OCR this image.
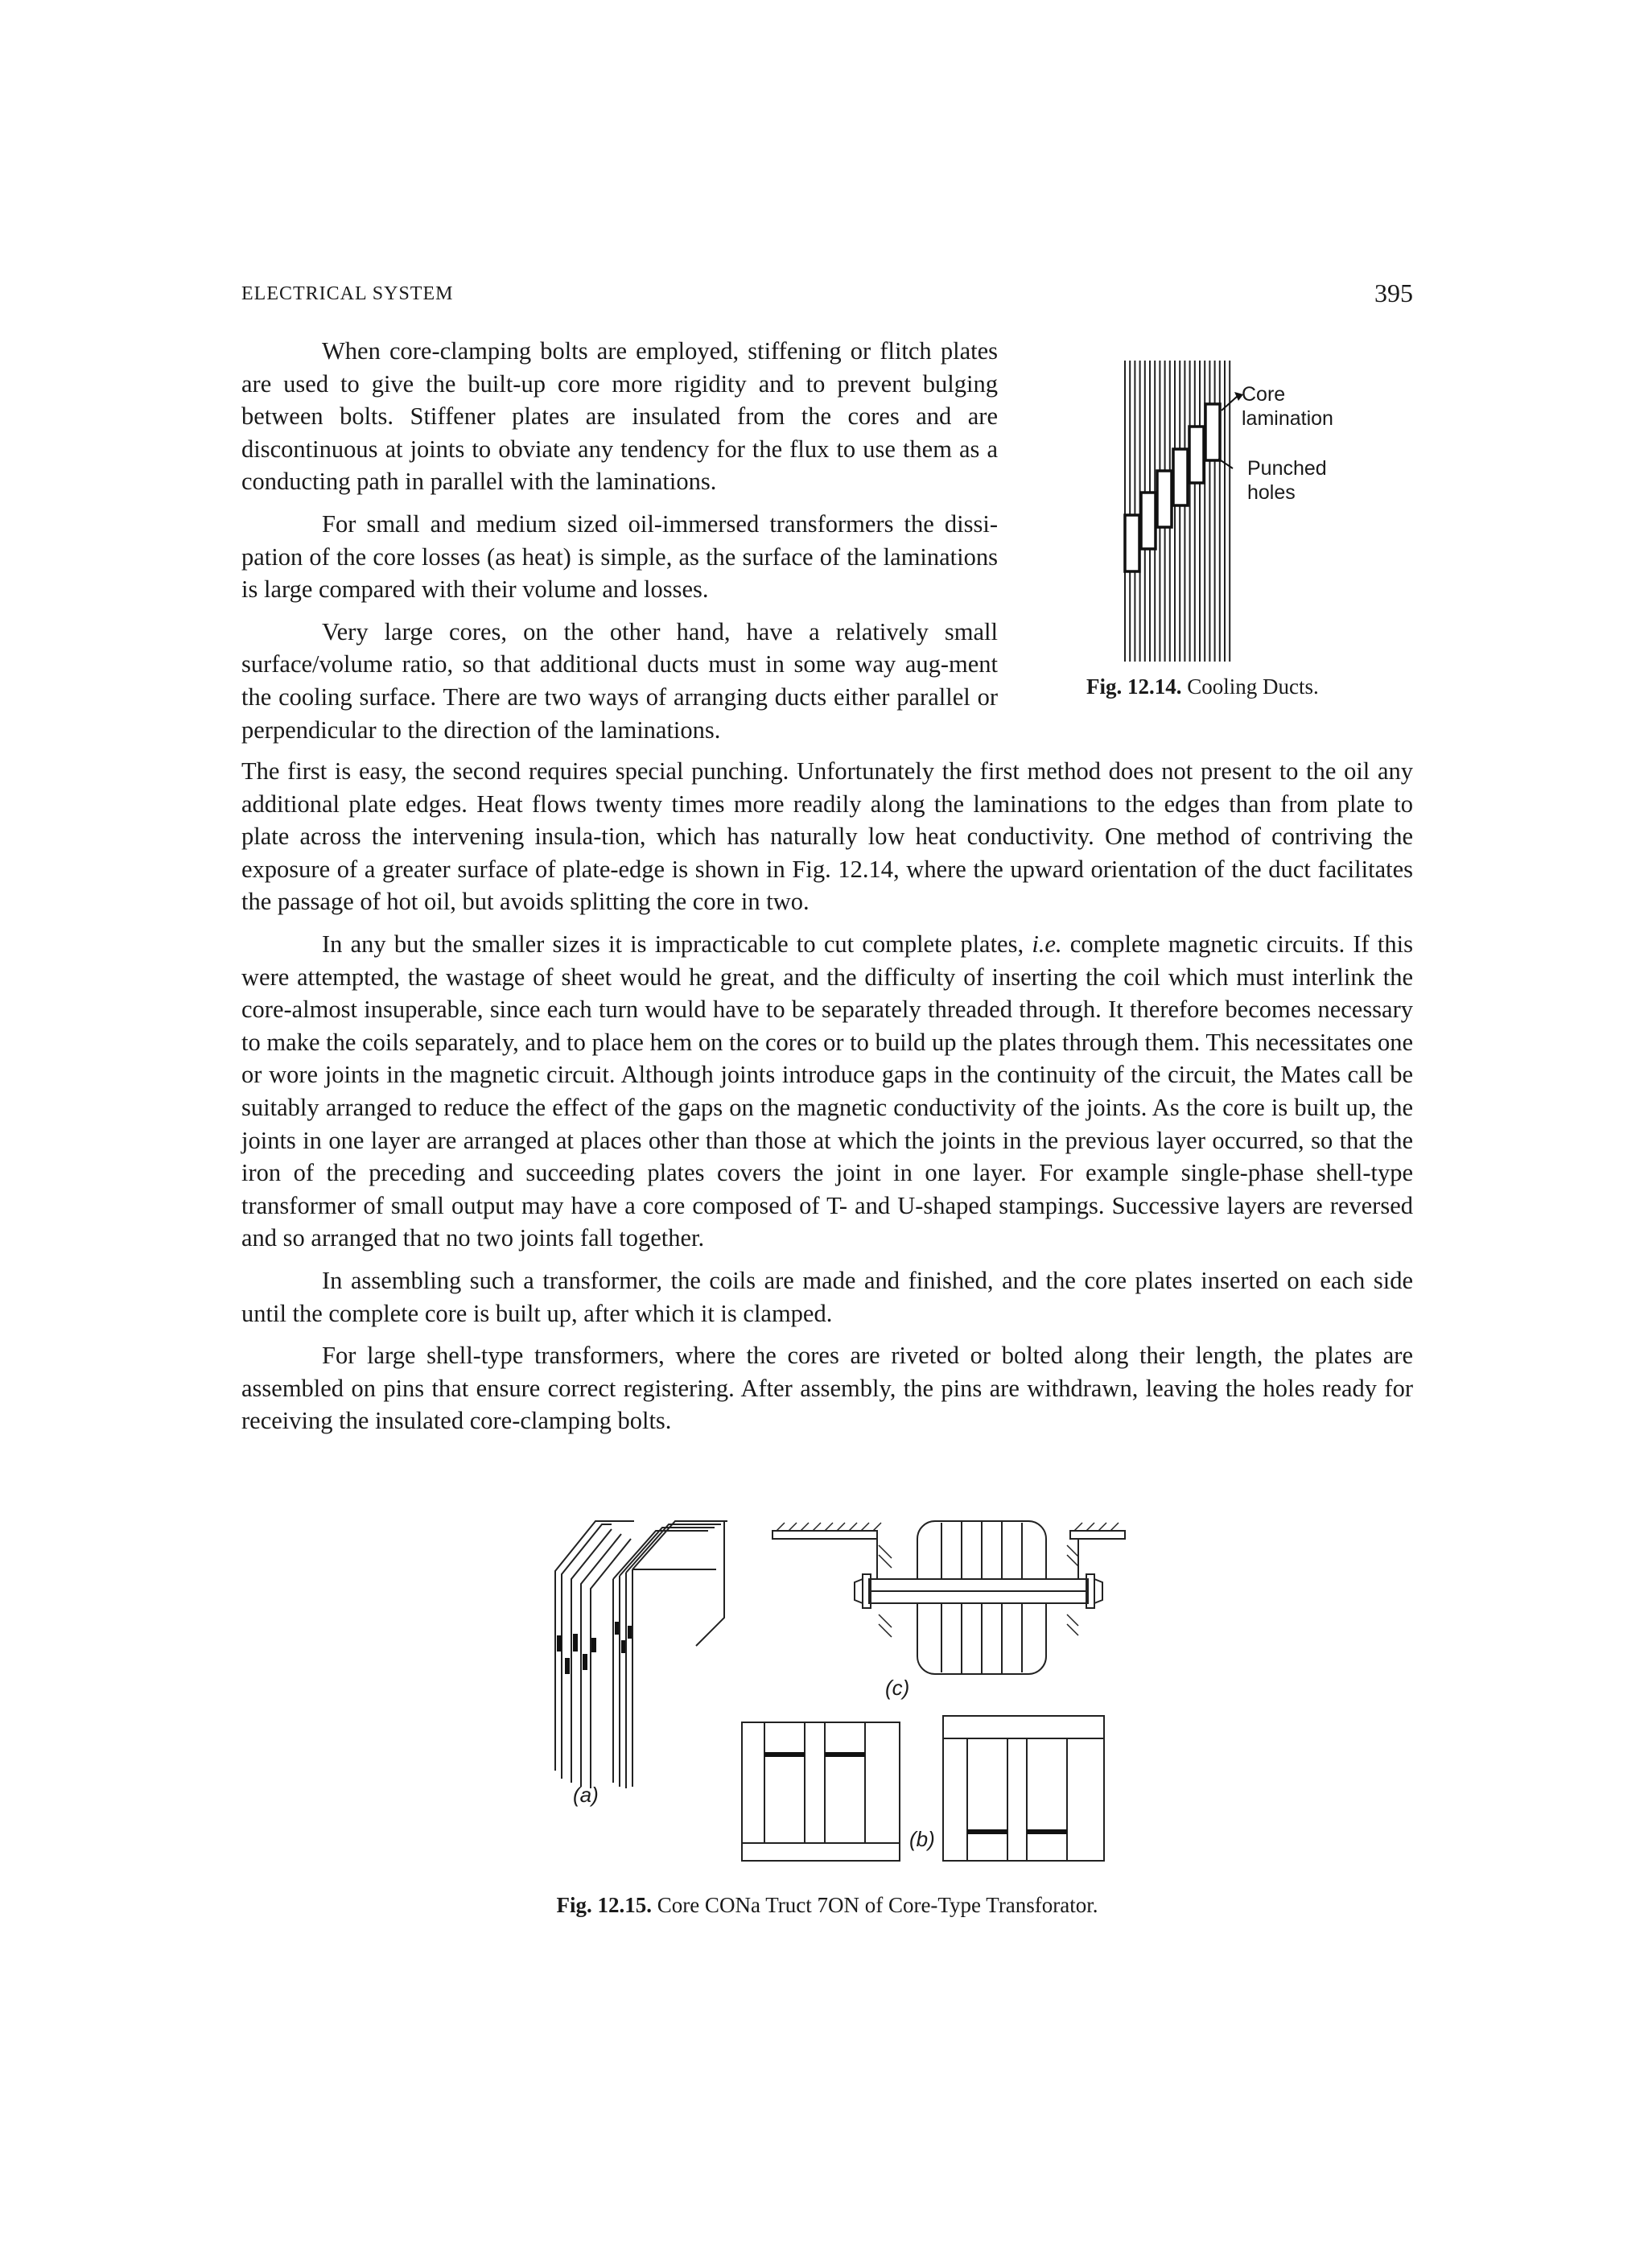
ELECTRICAL SYSTEM	395

When core-clamping bolts are employed, stiffening or flitch plates are used to give the built-up core more rigidity and to prevent bulging between bolts. Stiffener plates are insulated from the cores and are discontinuous at joints to obviate any tendency for the flux to use them as a conducting path in parallel with the laminations.

For small and medium sized oil-immersed transformers the dissi-pation of the core losses (as heat) is simple, as the surface of the laminations is large compared with their volume and losses.

Very large cores, on the other hand, have a relatively small surface/volume ratio, so that additional ducts must in some way aug-ment the cooling surface. There are two ways of arranging ducts either parallel or perpendicular to the direction of the laminations.

Core
lamination
Punched
holes
Fig. 12.14. Cooling Ducts.

The first is easy, the second requires special punching. Unfortunately the first method does not present to the oil any additional plate edges. Heat flows twenty times more readily along the laminations to the edges than from plate to plate across the intervening insula-tion, which has naturally low heat conductivity. One method of contriving the exposure of a greater surface of plate-edge is shown in Fig. 12.14, where the upward orientation of the duct facilitates the passage of hot oil, but avoids splitting the core in two.

In any but the smaller sizes it is impracticable to cut complete plates, i.e. complete magnetic circuits. If this were attempted, the wastage of sheet would he great, and the difficulty of inserting the coil which must interlink the core-almost insuperable, since each turn would have to be separately threaded through. It therefore becomes necessary to make the coils separately, and to place hem on the cores or to build up the plates through them. This necessitates one or wore joints in the magnetic circuit. Although joints introduce gaps in the continuity of the circuit, the Mates call be suitably arranged to reduce the effect of the gaps on the magnetic conductivity of the joints. As the core is built up, the joints in one layer are arranged at places other than those at which the joints in the previous layer occurred, so that the iron of the preceding and succeeding plates covers the joint in one layer. For example single-phase shell-type transformer of small output may have a core composed of T- and U-shaped stampings. Successive layers are reversed and so arranged that no two joints fall together.

In assembling such a transformer, the coils are made and finished, and the core plates inserted on each side until the complete core is built up, after which it is clamped.

For large shell-type transformers, where the cores are riveted or bolted along their length, the plates are assembled on pins that ensure correct registering. After assembly, the pins are withdrawn, leaving the holes ready for receiving the insulated core-clamping bolts.

(a)
(b)
(c)
Fig. 12.15. Core CONa Truct 7ON of Core-Type Transforator.
